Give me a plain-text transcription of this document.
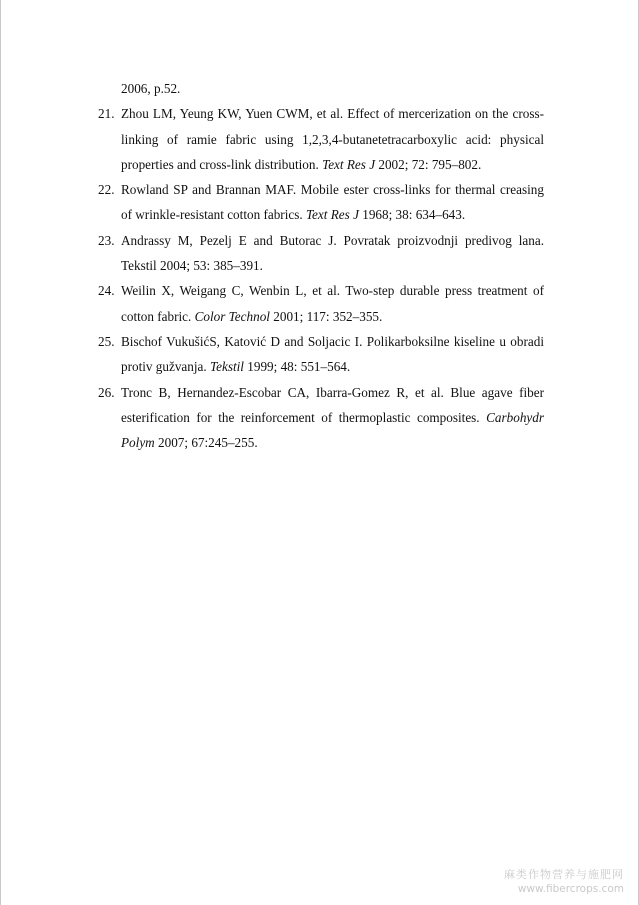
2006, p.52.
21. Zhou LM, Yeung KW, Yuen CWM, et al. Effect of mercerization on the cross-linking of ramie fabric using 1,2,3,4-butanetetracarboxylic acid: physical properties and cross-link distribution. Text Res J 2002; 72: 795–802.
22. Rowland SP and Brannan MAF. Mobile ester cross-links for thermal creasing of wrinkle-resistant cotton fabrics. Text Res J 1968; 38: 634–643.
23. Andrassy M, Pezelj E and Butorac J. Povratak proizvodnji predivog lana. Tekstil 2004; 53: 385–391.
24. Weilin X, Weigang C, Wenbin L, et al. Two-step durable press treatment of cotton fabric. Color Technol 2001; 117: 352–355.
25. Bischof VukušićS, Katović D and Soljacic I. Polikarboksilne kiseline u obradi protiv gužvanja. Tekstil 1999; 48: 551–564.
26. Tronc B, Hernandez-Escobar CA, Ibarra-Gomez R, et al. Blue agave fiber esterification for the reinforcement of thermoplastic composites. Carbohydr Polym 2007; 67:245–255.
麻类作物营养与施肥网
www.fibercrops.com
